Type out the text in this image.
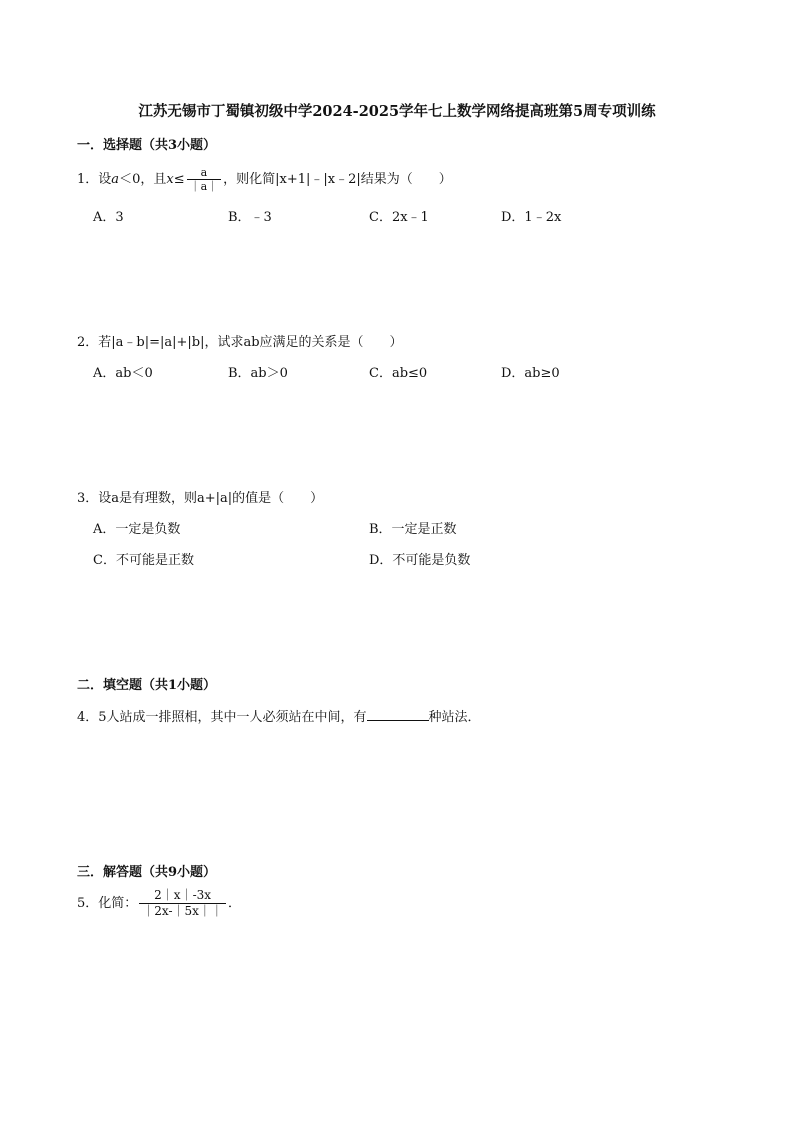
江苏无锡市丁蜀镇初级中学2024-2025学年七上数学网络提高班第5周专项训练
一．选择题（共3小题）
1．设a＜0，且$x\le \frac{a}{|a|}$ ，则化简|x+1|﹣|x﹣2|结果为（　　）
A．3	B．﹣3	C．2x﹣1	D．1﹣2x
2．若|a﹣b|=|a|+|b|，试求ab应满足的关系是（　　）
A．ab＜0	B．ab＞0	C．ab≤0	D．ab≥0
3．设a是有理数，则a+|a|的值是（　　）
A．一定是负数	B．一定是正数
C．不可能是正数	D．不可能是负数
二．填空题（共1小题）
4．5人站成一排照相，其中一人必须站在中间，有	种站法．
三．解答题（共9小题）
5．化简： $\frac{2|x|-3x}{|2x-|5x||}$ ．
